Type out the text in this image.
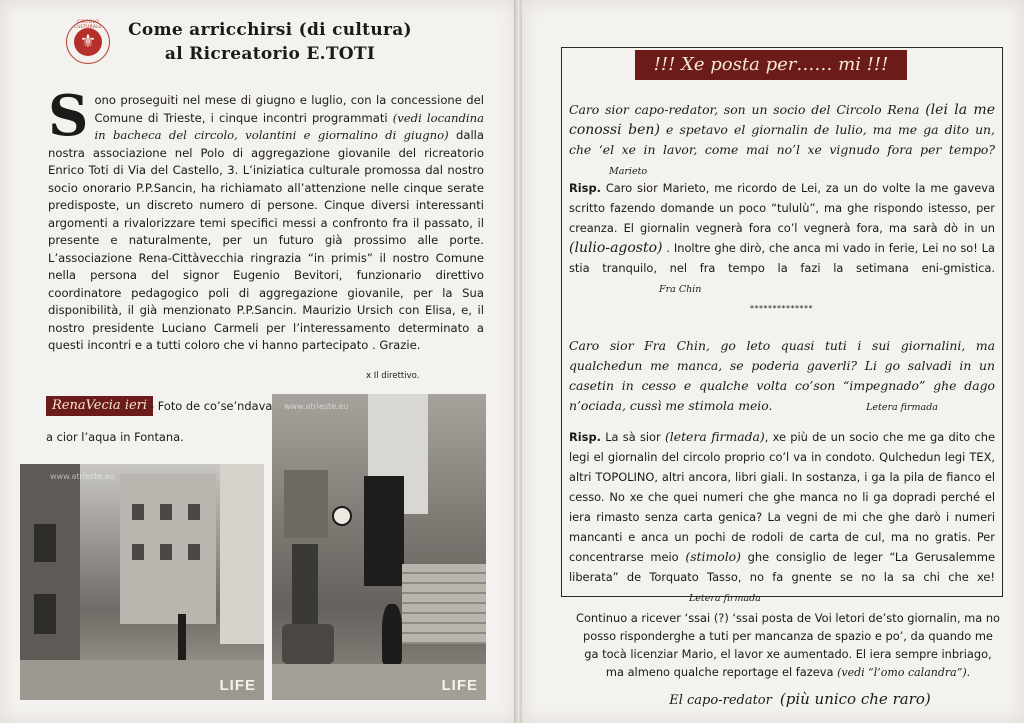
CIRCOLO CULTURALE
⚜
Come arricchirsi (di cultura)
al Ricreatorio E.TOTI
Sono proseguiti nel mese di giugno e luglio, con la concessione del Comune di Trieste, i cinque incontri programmati (vedi locandina in bacheca del circolo, volantini e giornalino di giugno) dalla nostra associazione nel Polo di aggregazione giovanile del ricreatorio Enrico Toti di Via del Castello, 3. L’iniziatica culturale promossa dal nostro socio onorario P.P.Sancin, ha richiamato all’attenzione nelle cinque serate predisposte, un discreto numero di persone. Cinque diversi interessanti argomenti a rivalorizzare temi specifici messi a confronto fra il passato, il presente e naturalmente, per un futuro già prossimo alle porte. L’associazione Rena-Cittàvecchia ringrazia “in primis” il nostro Comune nella persona del signor Eugenio Bevitori, funzionario direttivo coordinatore pedagogico poli di aggregazione giovanile, per la Sua disponibilità, il già menzionato P.P.Sancin. Maurizio Ursich con Elisa, e, il nostro presidente Luciano Carmeli per l’interessamento determinato a questi incontri e a tutti coloro che vi hanno partecipato . Grazie.
x Il direttivo.
RenaVecia ieri - Foto de co’se’ndava
a cior l’aqua in Fontana.
www.atrieste.eu
LIFE
www.atrieste.eu
LIFE
!!! Xe posta per…… mi !!!
Caro sior capo-redator, son un socio del Circolo Rena (lei la me conossi ben) e spetavo el giornalin de lulio, ma me ga dito un, che ‘el xe in lavor, come mai no’l xe vignudo fora per tempo? Marieto
Risp. Caro sior Marieto, me ricordo de Lei, za un do volte la me gaveva scritto fazendo domande un poco “tululù”, ma ghe rispondo istesso, per creanza. El giornalin vegnerà fora co’l vegnerà fora, ma sarà dò in un (lulio-agosto) . Inoltre ghe dirò, che anca mi vado in ferie, Lei no so! La stia tranquilo, nel fra tempo la fazi la setimana eni-gmistica. Fra Chin
**************
Caro sior Fra Chin, go leto quasi tuti i sui giornalini, ma qualchedun me manca, se poderia gaverli? Li go salvadi in un casetin in cesso e qualche volta co’son “impegnado” ghe dago n’ociada, cussì me stimola meio.	Letera firmada
Risp. La sà sior (letera firmada), xe più de un socio che me ga dito che legi el giornalin del circolo proprio co’l va in condoto. Qulchedun legi TEX, altri TOPOLINO, altri ancora, libri giali. In sostanza, i ga la pila de fianco el cesso. No xe che quei numeri che ghe manca no li ga dopradi perché el iera rimasto senza carta genica? La vegni de mi che ghe darò i numeri mancanti e anca un pochi de rodoli de carta de cul, ma no gratis. Per concentrarse meio (stimolo) ghe consiglio de leger “La Gerusalemme liberata” de Torquato Tasso, no fa gnente se no la sa chi che xe! Letera firmada
Continuo a ricever ‘ssai (?) ‘ssai posta de Voi letori de’sto giornalin, ma no posso risponderghe a tuti per mancanza de spazio e po’, da quando me ga tocà licenziar Mario, el lavor xe aumentado. El iera sempre inbriago, ma almeno qualche reportage el fazeva (vedi “l’omo calandra”).
El capo-redator (più unico che raro)
